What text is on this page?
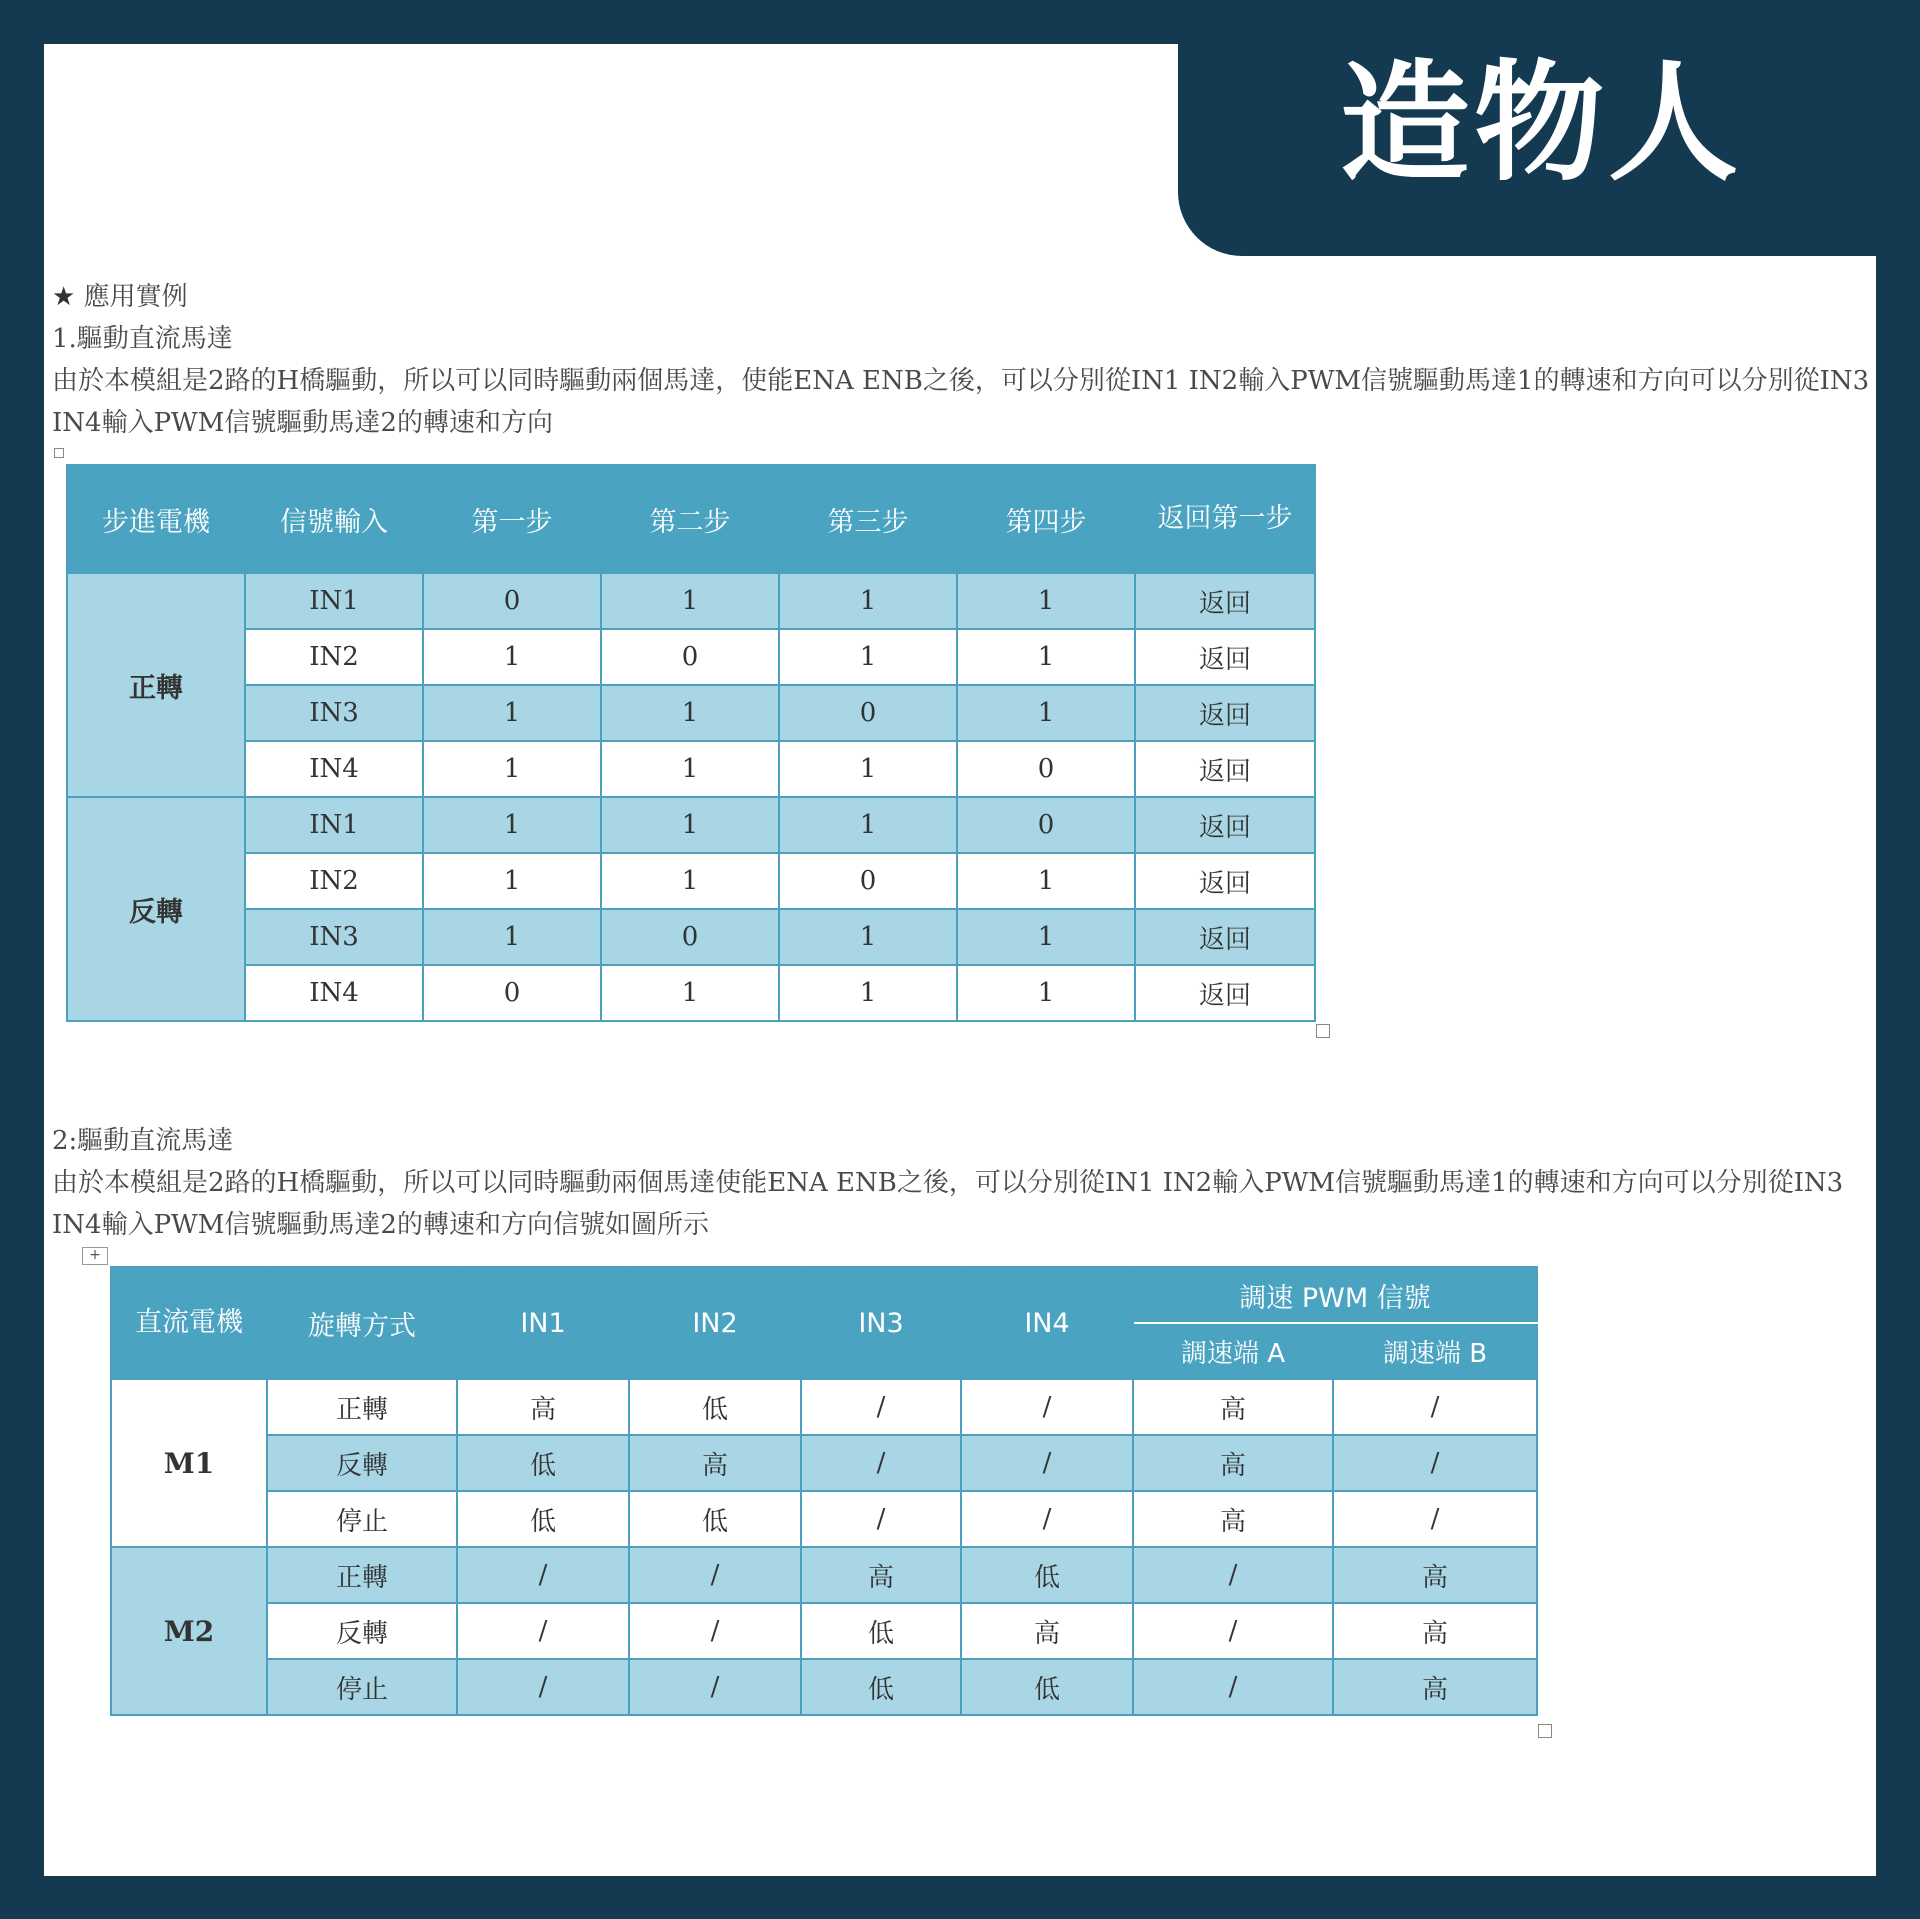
造物人
★ 應用實例
1.驅動直流馬達
由於本模組是2路的H橋驅動，所以可以同時驅動兩個馬達，使能ENA ENB之後，可以分別從IN1 IN2輸入PWM信號驅動馬達1的轉速和方向可以分別從IN3 IN4輸入PWM信號驅動馬達2的轉速和方向
步進電機	信號輸入	第一步	第二步	第三步	第四步	返回第一步
正轉	IN1	0	1	1	1	返回
	IN2	1	0	1	1	返回
	IN3	1	1	0	1	返回
	IN4	1	1	1	0	返回
反轉	IN1	1	1	1	0	返回
	IN2	1	1	0	1	返回
	IN3	1	0	1	1	返回
	IN4	0	1	1	1	返回
2:驅動直流馬達
由於本模組是2路的H橋驅動，所以可以同時驅動兩個馬達使能ENA ENB之後，可以分別從IN1 IN2輸入PWM信號驅動馬達1的轉速和方向可以分別從IN3 IN4輸入PWM信號驅動馬達2的轉速和方向信號如圖所示
+
直流電機	旋轉方式	IN1	IN2	IN3	IN4	調速 PWM 信號	
						調速端 A	調速端 B
M1	正轉	高	低	/	/	高	/
	反轉	低	高	/	/	高	/
	停止	低	低	/	/	高	/
M2	正轉	/	/	高	低	/	高
	反轉	/	/	低	高	/	高
	停止	/	/	低	低	/	高
